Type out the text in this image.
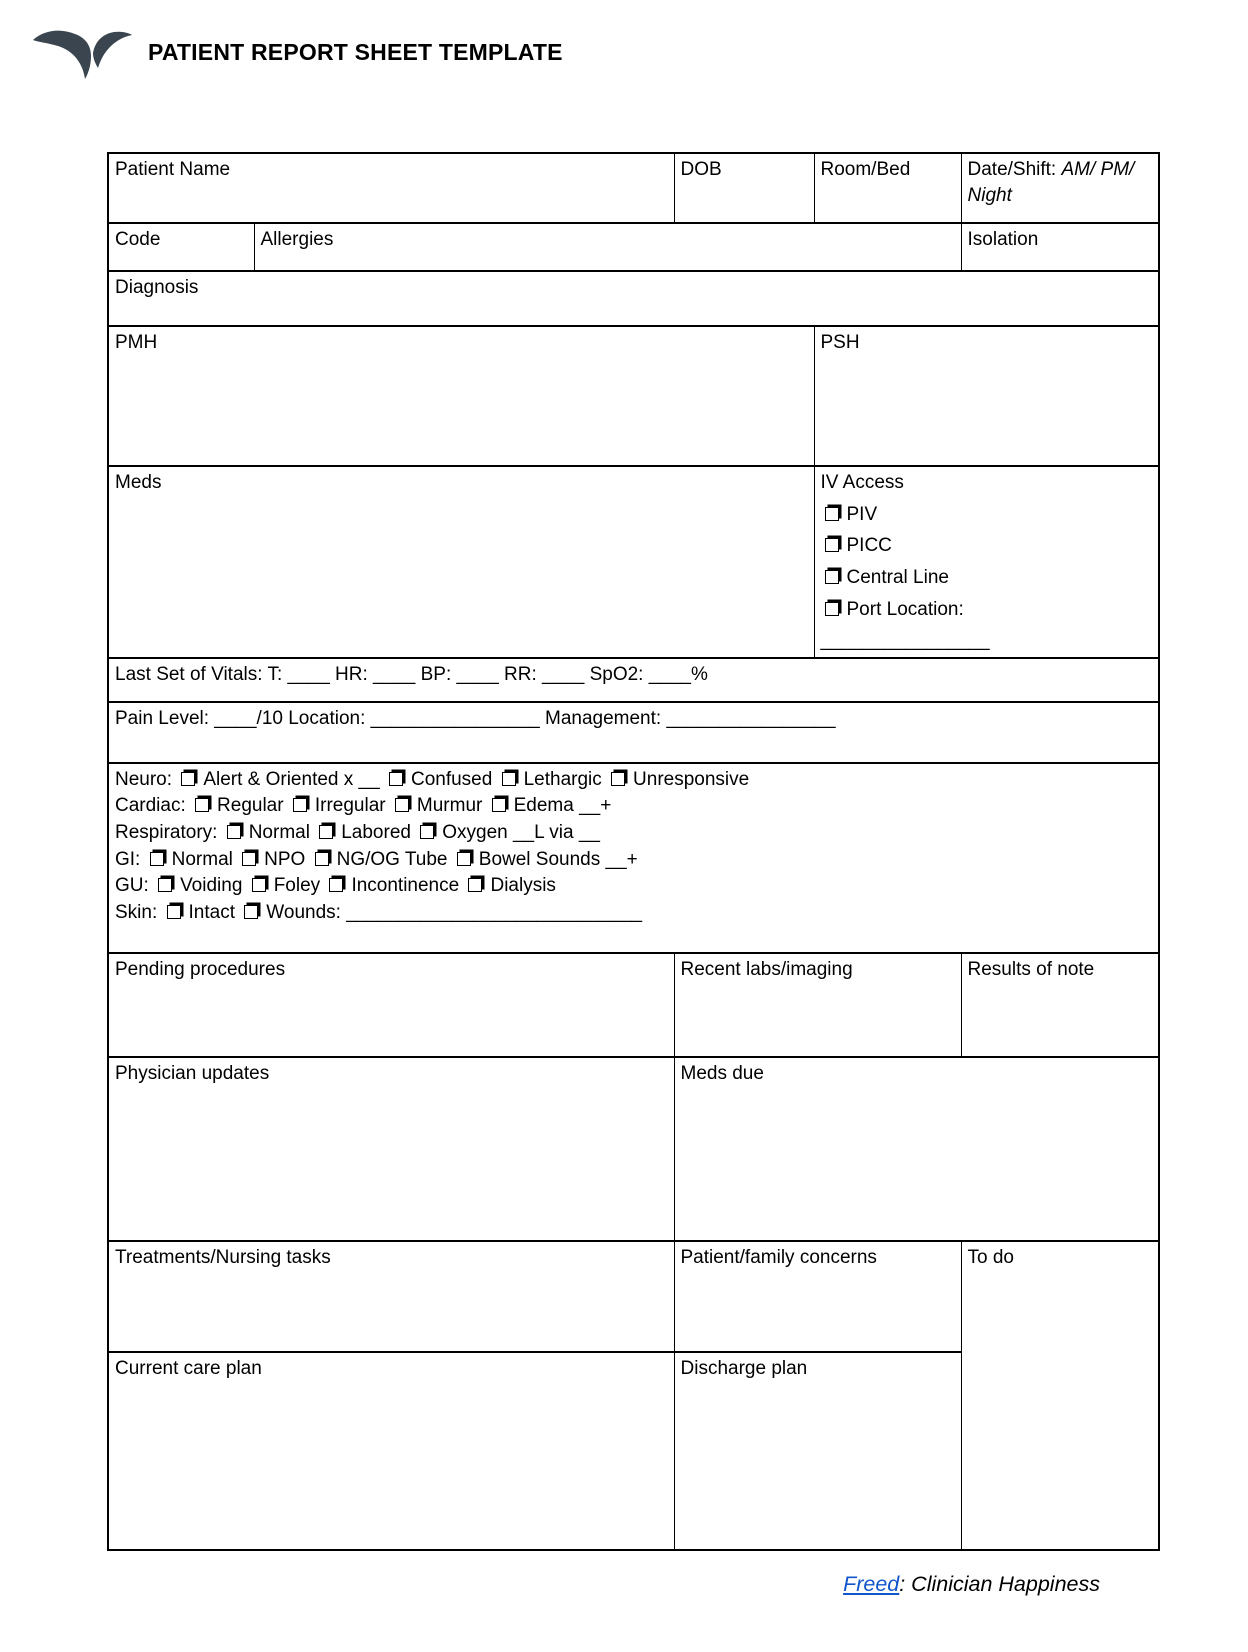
PATIENT REPORT SHEET TEMPLATE
Patient Name		DOB	Room/Bed	Date/Shift: AM/ PM/ Night
Code	Allergies			Isolation
Diagnosis				
PMH			PSH	
Meds	IV Access
PIV
PICC
Central Line
Port Location:
________________

Last Set of Vitals: T: ____ HR: ____ BP: ____ RR: ____ SpO2: ____%				
Pain Level: ____/10 Location: ________________ Management: ________________				

Neuro: Alert & Oriented x __ Confused Lethargic Unresponsive
Cardiac: Regular Irregular Murmur Edema __+
Respiratory: Normal Labored Oxygen __L via __
GI: Normal NPO NG/OG Tube Bowel Sounds __+
GU: Voiding Foley Incontinence Dialysis
Skin: Intact Wounds: ____________________________

Pending procedures		Recent labs/imaging		Results of note
Physician updates		Meds due		
Treatments/Nursing tasks		Patient/family concerns		To do
Current care plan		Discharge plan		
Freed: Clinician Happiness
